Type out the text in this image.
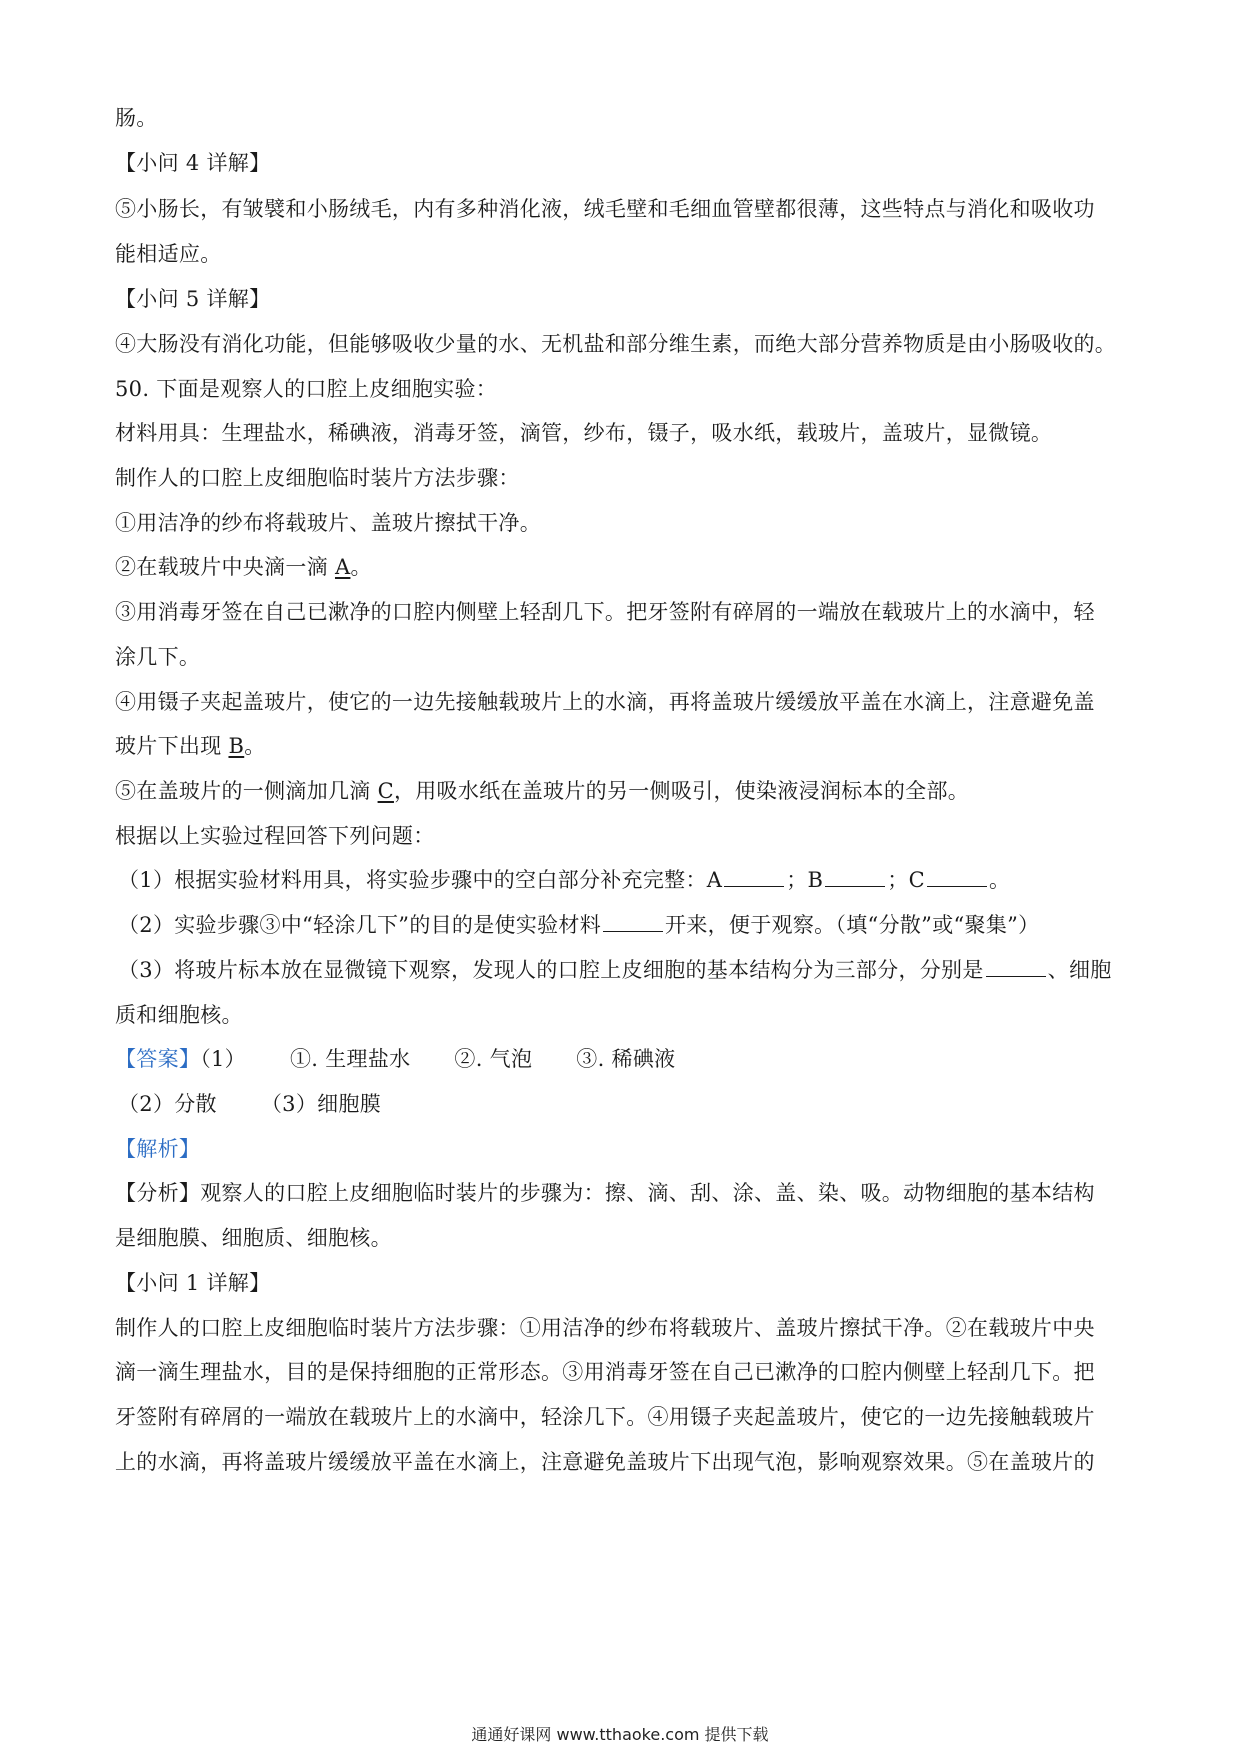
肠。
【小问 4 详解】
⑤小肠长，有皱襞和小肠绒毛，内有多种消化液，绒毛壁和毛细血管壁都很薄，这些特点与消化和吸收功
能相适应。
【小问 5 详解】
④大肠没有消化功能，但能够吸收少量的水、无机盐和部分维生素，而绝大部分营养物质是由小肠吸收的。
50. 下面是观察人的口腔上皮细胞实验：
材料用具：生理盐水，稀碘液，消毒牙签，滴管，纱布，镊子，吸水纸，载玻片，盖玻片，显微镜。
制作人的口腔上皮细胞临时装片方法步骤：
①用洁净的纱布将载玻片、盖玻片擦拭干净。
②在载玻片中央滴一滴 A。
③用消毒牙签在自己已漱净的口腔内侧壁上轻刮几下。把牙签附有碎屑的一端放在载玻片上的水滴中，轻
涂几下。
④用镊子夹起盖玻片，使它的一边先接触载玻片上的水滴，再将盖玻片缓缓放平盖在水滴上，注意避免盖
玻片下出现 B。
⑤在盖玻片的一侧滴加几滴 C，用吸水纸在盖玻片的另一侧吸引，使染液浸润标本的全部。
根据以上实验过程回答下列问题：
（1）根据实验材料用具，将实验步骤中的空白部分补充完整：A	；B	；C	。
（2）实验步骤③中“轻涂几下”的目的是使实验材料	开来，便于观察。（填“分散”或“聚集”）
（3）将玻片标本放在显微镜下观察，发现人的口腔上皮细胞的基本结构分为三部分，分别是	、细胞
质和细胞核。
【答案】（1） ①. 生理盐水 ②. 气泡 ③. 稀碘液
（2）分散 （3）细胞膜
【解析】
【分析】观察人的口腔上皮细胞临时装片的步骤为：擦、滴、刮、涂、盖、染、吸。动物细胞的基本结构
是细胞膜、细胞质、细胞核。
【小问 1 详解】
制作人的口腔上皮细胞临时装片方法步骤：①用洁净的纱布将载玻片、盖玻片擦拭干净。②在载玻片中央
滴一滴生理盐水，目的是保持细胞的正常形态。③用消毒牙签在自己已漱净的口腔内侧壁上轻刮几下。把
牙签附有碎屑的一端放在载玻片上的水滴中，轻涂几下。④用镊子夹起盖玻片，使它的一边先接触载玻片
上的水滴，再将盖玻片缓缓放平盖在水滴上，注意避免盖玻片下出现气泡，影响观察效果。⑤在盖玻片的
通通好课网 www.tthaoke.com 提供下载
